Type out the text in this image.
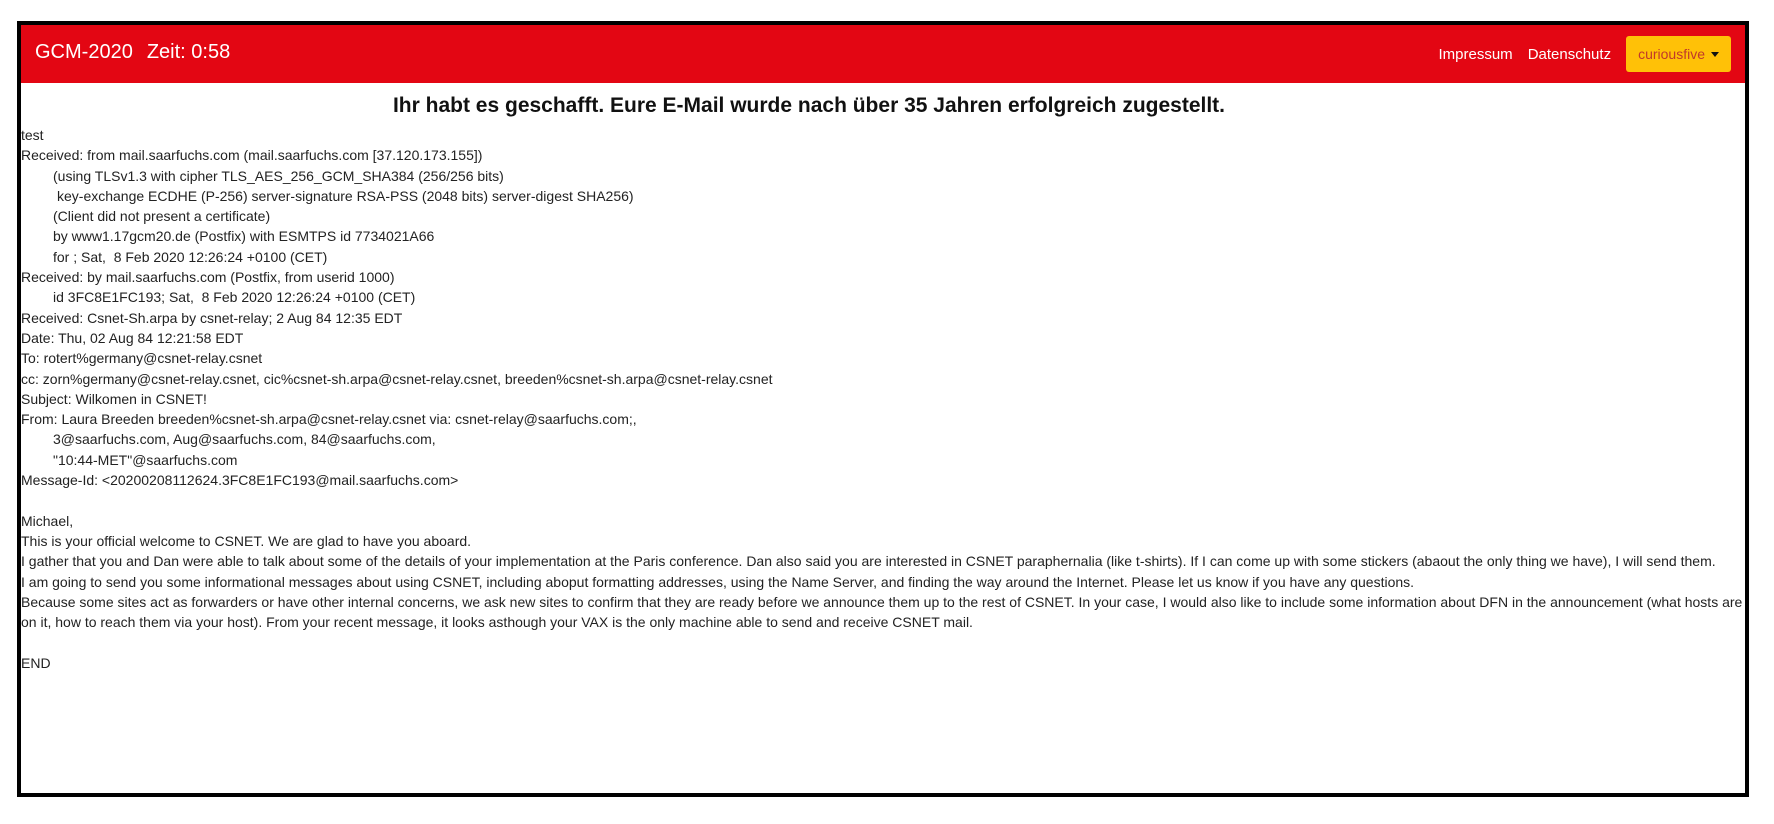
GCM-2020 Zeit: 0:58	Impressum Datenschutz curiousfive
Ihr habt es geschafft. Eure E-Mail wurde nach über 35 Jahren erfolgreich zugestellt.
test
Received: from mail.saarfuchs.com (mail.saarfuchs.com [37.120.173.155])
(using TLSv1.3 with cipher TLS_AES_256_GCM_SHA384 (256/256 bits)
key-exchange ECDHE (P-256) server-signature RSA-PSS (2048 bits) server-digest SHA256)
(Client did not present a certificate)
by www1.17gcm20.de (Postfix) with ESMTPS id 7734021A66
for ; Sat,  8 Feb 2020 12:26:24 +0100 (CET)
Received: by mail.saarfuchs.com (Postfix, from userid 1000)
id 3FC8E1FC193; Sat,  8 Feb 2020 12:26:24 +0100 (CET)
Received: Csnet-Sh.arpa by csnet-relay; 2 Aug 84 12:35 EDT
Date: Thu, 02 Aug 84 12:21:58 EDT
To: rotert%germany@csnet-relay.csnet
cc: zorn%germany@csnet-relay.csnet, cic%csnet-sh.arpa@csnet-relay.csnet, breeden%csnet-sh.arpa@csnet-relay.csnet
Subject: Wilkomen in CSNET!
From: Laura Breeden breeden%csnet-sh.arpa@csnet-relay.csnet via: csnet-relay@saarfuchs.com;,
3@saarfuchs.com, Aug@saarfuchs.com, 84@saarfuchs.com,
"10:44-MET"@saarfuchs.com
Message-Id: <20200208112624.3FC8E1FC193@mail.saarfuchs.com>
Michael,
This is your official welcome to CSNET. We are glad to have you aboard.
I gather that you and Dan were able to talk about some of the details of your implementation at the Paris conference. Dan also said you are interested in CSNET paraphernalia (like t-shirts). If I can come up with some stickers (abaout the only thing we have), I will send them.
I am going to send you some informational messages about using CSNET, including aboput formatting addresses, using the Name Server, and finding the way around the Internet. Please let us know if you have any questions.
Because some sites act as forwarders or have other internal concerns, we ask new sites to confirm that they are ready before we announce them up to the rest of CSNET. In your case, I would also like to include some information about DFN in the announcement (what hosts are on it, how to reach them via your host). From your recent message, it looks asthough your VAX is the only machine able to send and receive CSNET mail.
END
